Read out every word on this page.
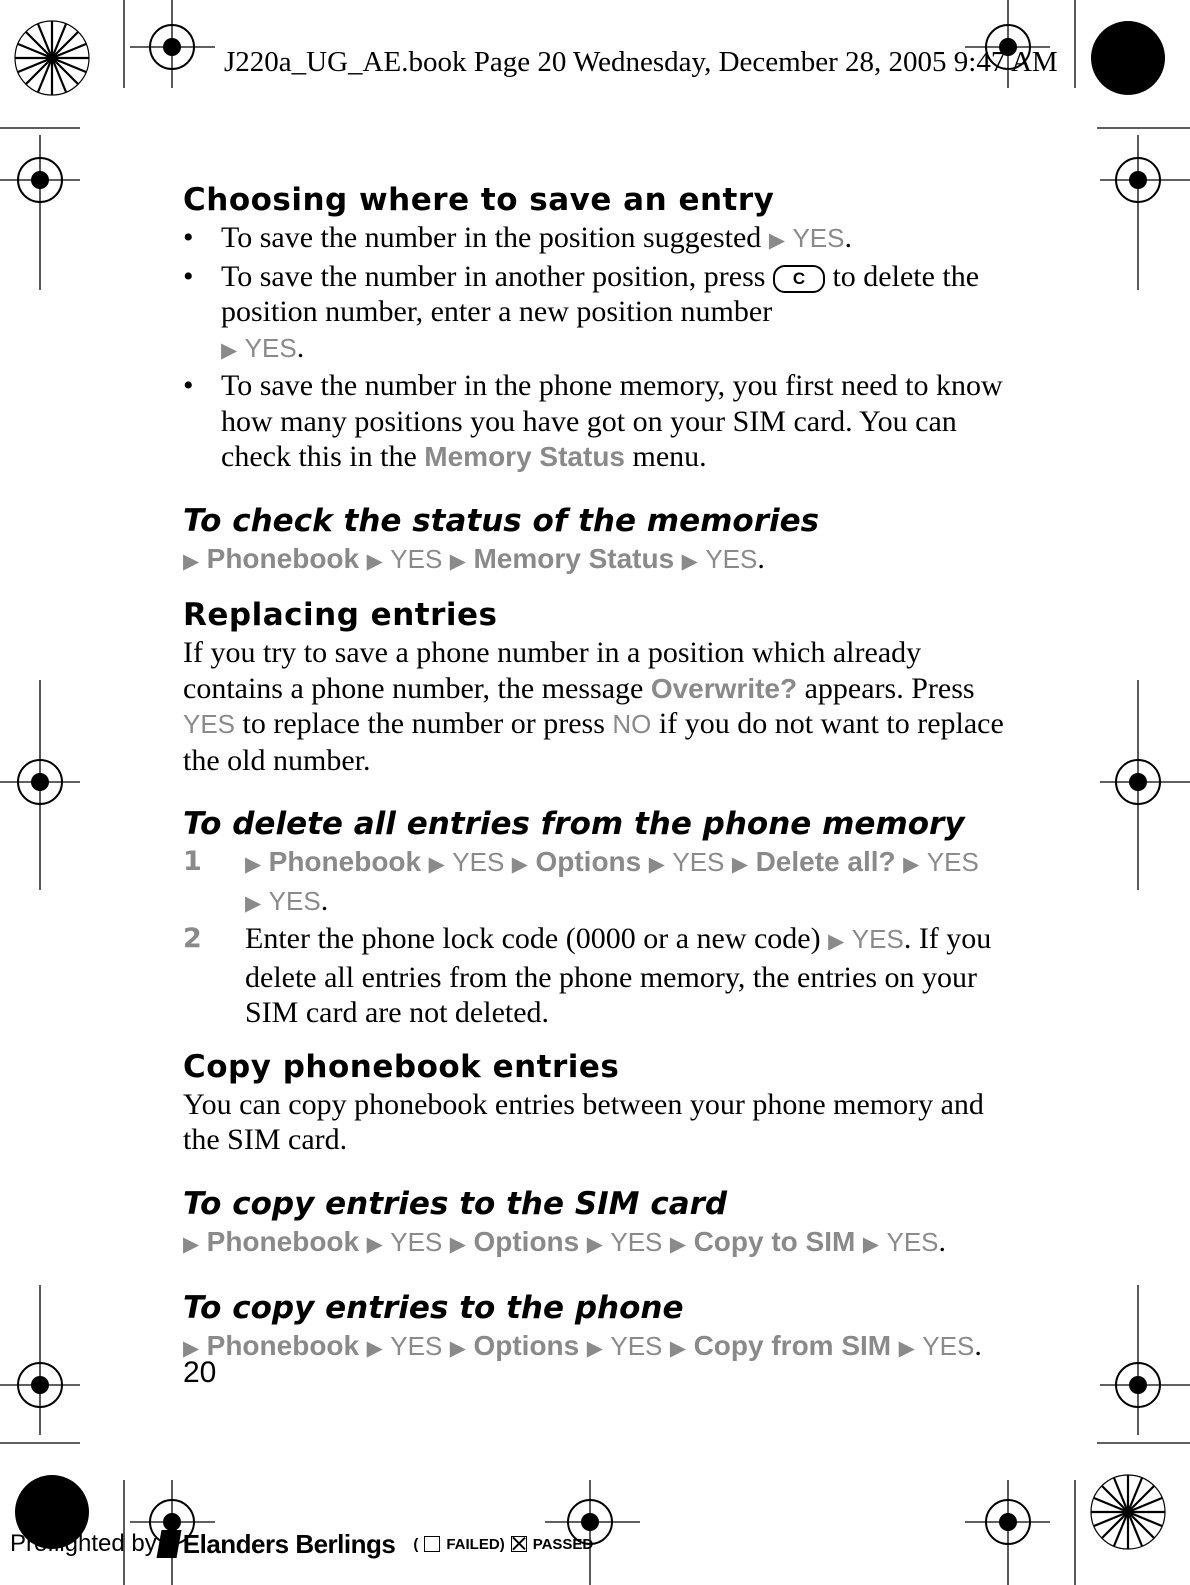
J220a_UG_AE.book Page 20 Wednesday, December 28, 2005 9:47 AM
Choosing where to save an entry
• To save the number in the position suggested ▶ YES.
• To save the number in another position, press C to delete the position number, enter a new position number
▶ YES.
• To save the number in the phone memory, you first need to know how many positions you have got on your SIM card. You can check this in the Memory Status menu.
To check the status of the memories
▶ Phonebook ▶ YES ▶ Memory Status ▶ YES.
Replacing entries

If you try to save a phone number in a position which already contains a phone number, the message Overwrite? appears. Press YES to replace the number or press NO if you do not want to replace the old number.

To delete all entries from the phone memory
1 ▶ Phonebook ▶ YES ▶ Options ▶ YES ▶ Delete all? ▶ YES
▶ YES.
2 Enter the phone lock code (0000 or a new code) ▶ YES. If you delete all entries from the phone memory, the entries on your SIM card are not deleted.
Copy phonebook entries

You can copy phonebook entries between your phone memory and the SIM card.

To copy entries to the SIM card
▶ Phonebook ▶ YES ▶ Options ▶ YES ▶ Copy to SIM ▶ YES.
To copy entries to the phone
▶ Phonebook ▶ YES ▶ Options ▶ YES ▶ Copy from SIM ▶ YES.
20
Preflighted by Elanders Berlings ( FAILED ) PASSED
